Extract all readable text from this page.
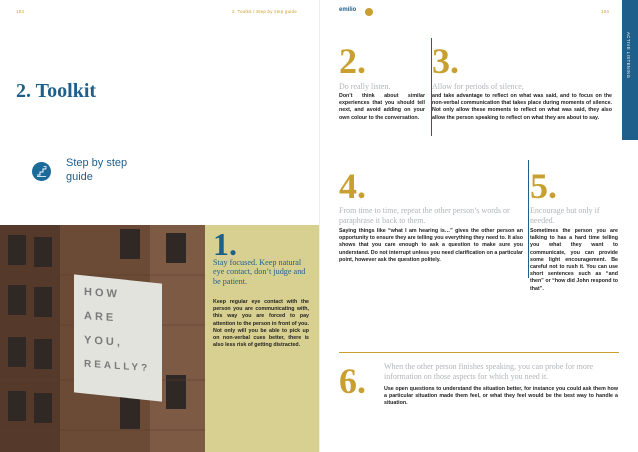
103	2. Toolkit / Step by step guide
2. Toolkit
Step by step
guide
HOW
ARE
YOU,
REALLY?
1.
Stay focused. Keep natural eye contact, don’t judge and be patient.
Keep regular eye contact with the person you are communicating with, this way you are forced to pay attention to the person in front of you. Not only will you be able to pick up on non-verbal cues better, there is also less risk of getting distracted.
emilio	104
ACTIVE LISTENING
2.
Do really listen.
Don’t think about similar experiences that you should tell next, and avoid adding on your own colour to the conversation.
3.
Allow for periods of silence,
and take advantage to reflect on what was said, and to focus on the non-verbal communication that takes place during moments of silence. Not only allow these moments to reflect on what was said, they also allow the person speaking to reflect on what they are about to say.
4.
From time to time, repeat the other person’s words or paraphrase it back to them.
Saying things like “what I am hearing is…” gives the other person an opportunity to ensure they are telling you everything they need to. It also shows that you care enough to ask a question to make sure you understand. Do not interrupt unless you need clarification on a particular point, however ask the question politely.
5.
Encourage but only if needed.
Sometimes the person you are talking to has a hard time telling you what they want to communicate, you can provide some light encouragement. Be careful not to rush it. You can use short sentences such as “and then” or “how did John respond to that”.
6. When the other person finishes speaking, you can probe for more information on those aspects for which you need it.
Use open questions to understand the situation better, for instance you could ask them how a particular situation made them feel, or what they feel would be the best way to handle a situation.
